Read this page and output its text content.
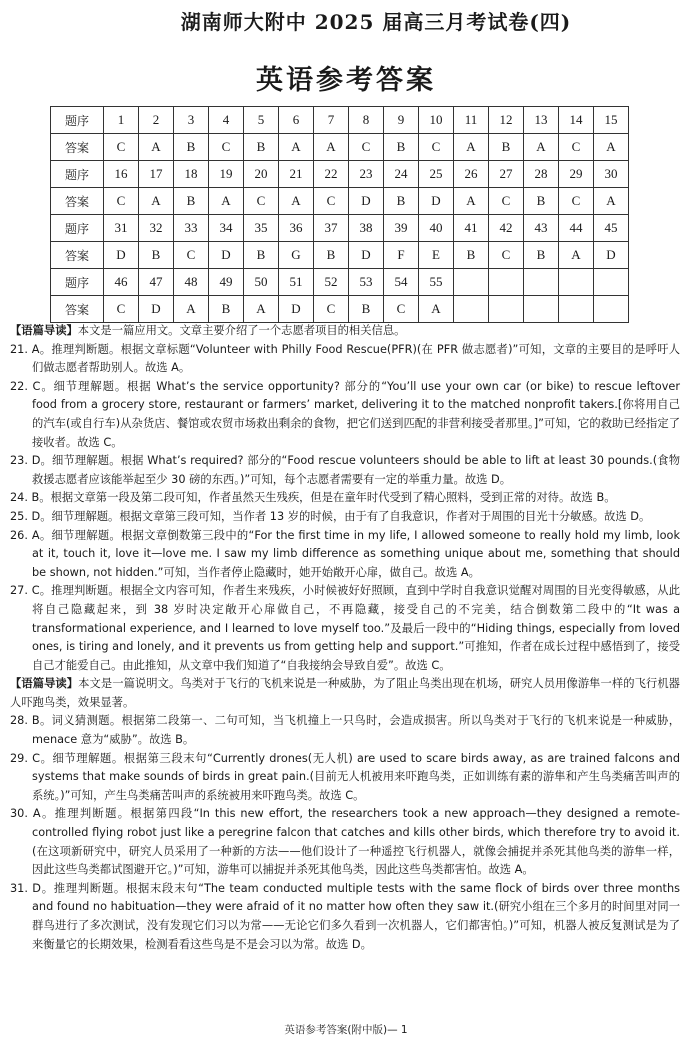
湖南师大附中 2025 届高三月考试卷(四)
英语参考答案
题序	1	2	3	4	5	6	7	8	9	10	11	12	13	14	15
答案	C	A	B	C	B	A	A	C	B	C	A	B	A	C	A
题序	16	17	18	19	20	21	22	23	24	25	26	27	28	29	30
答案	C	A	B	A	C	A	C	D	B	D	A	C	B	C	A
题序	31	32	33	34	35	36	37	38	39	40	41	42	43	44	45
答案	D	B	C	D	B	G	B	D	F	E	B	C	B	A	D
题序	46	47	48	49	50	51	52	53	54	55					
答案	C	D	A	B	A	D	C	B	C	A					

【语篇导读】本文是一篇应用文。文章主要介绍了一个志愿者项目的相关信息。

21. A。推理判断题。根据文章标题“Volunteer with Philly Food Rescue(PFR)(在 PFR 做志愿者)”可知，文章的主要目的是呼吁人们做志愿者帮助别人。故选 A。

22. C。细节理解题。根据 What’s the service opportunity? 部分的“You’ll use your own car (or bike) to rescue leftover food from a grocery store, restaurant or farmers’ market, delivering it to the matched nonprofit takers.[你将用自己的汽车(或自行车)从杂货店、餐馆或农贸市场救出剩余的食物，把它们送到匹配的非营利接受者那里。]”可知，它的救助已经指定了接收者。故选 C。

23. D。细节理解题。根据 What’s required? 部分的“Food rescue volunteers should be able to lift at least 30 pounds.(食物救援志愿者应该能举起至少 30 磅的东西。)”可知，每个志愿者需要有一定的举重力量。故选 D。

24. B。根据文章第一段及第二段可知，作者虽然天生残疾，但是在童年时代受到了精心照料，受到正常的对待。故选 B。

25. D。细节理解题。根据文章第三段可知，当作者 13 岁的时候，由于有了自我意识，作者对于周围的目光十分敏感。故选 D。

26. A。细节理解题。根据文章倒数第三段中的“For the first time in my life, I allowed someone to really hold my limb, look at it, touch it, love it—love me. I saw my limb difference as something unique about me, something that should be shown, not hidden.”可知，当作者停止隐藏时，她开始敞开心扉，做自己。故选 A。

27. C。推理判断题。根据全文内容可知，作者生来残疾，小时候被好好照顾，直到中学时自我意识觉醒对周围的目光变得敏感，从此将自己隐藏起来，到 38 岁时决定敞开心扉做自己，不再隐藏，接受自己的不完美，结合倒数第二段中的“It was a transformational experience, and I learned to love myself too.”及最后一段中的“Hiding things, especially from loved ones, is tiring and lonely, and it prevents us from getting help and support.”可推知，作者在成长过程中感悟到了，接受自己才能爱自己。由此推知，从文章中我们知道了“自我接纳会导致自爱”。故选 C。

【语篇导读】本文是一篇说明文。鸟类对于飞行的飞机来说是一种威胁，为了阻止鸟类出现在机场，研究人员用像游隼一样的飞行机器人吓跑鸟类，效果显著。

28. B。词义猜测题。根据第二段第一、二句可知，当飞机撞上一只鸟时，会造成损害。所以鸟类对于飞行的飞机来说是一种威胁，menace 意为“威胁”。故选 B。

29. C。细节理解题。根据第三段末句“Currently drones(无人机) are used to scare birds away, as are trained falcons and systems that make sounds of birds in great pain.(目前无人机被用来吓跑鸟类，正如训练有素的游隼和产生鸟类痛苦叫声的系统。)”可知，产生鸟类痛苦叫声的系统被用来吓跑鸟类。故选 C。

30. A。推理判断题。根据第四段“In this new effort, the researchers took a new approach—they designed a remote-controlled flying robot just like a peregrine falcon that catches and kills other birds, which therefore try to avoid it.(在这项新研究中，研究人员采用了一种新的方法——他们设计了一种遥控飞行机器人，就像会捕捉并杀死其他鸟类的游隼一样，因此这些鸟类都试图避开它。)”可知，游隼可以捕捉并杀死其他鸟类，因此这些鸟类都害怕。故选 A。

31. D。推理判断题。根据末段末句“The team conducted multiple tests with the same flock of birds over three months and found no habituation—they were afraid of it no matter how often they saw it.(研究小组在三个多月的时间里对同一群鸟进行了多次测试，没有发现它们习以为常——无论它们多久看到一次机器人，它们都害怕。)”可知，机器人被反复测试是为了来衡量它的长期效果，检测看看这些鸟是不是会习以为常。故选 D。

英语参考答案(附中版)— 1
